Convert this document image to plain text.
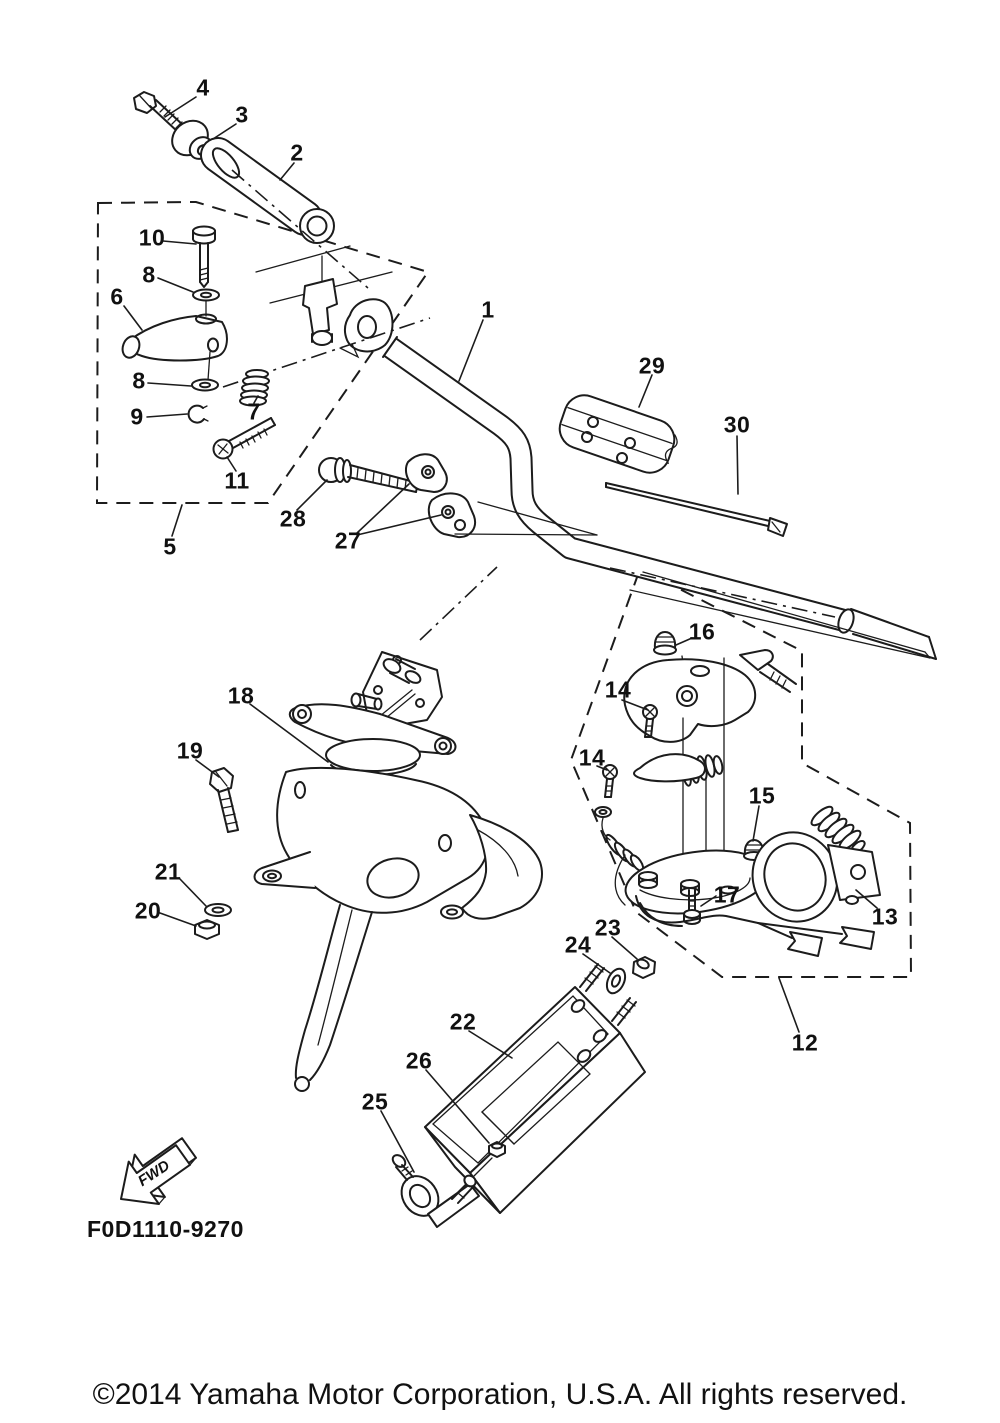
1
2
3
4
5
6
7
8
8
9
10
11
12
13
14
14
15
16
17
18
19
20
21
22
23
24
25
26
27
28
29
30
FWD
F0D1110-9270
©2014 Yamaha Motor Corporation, U.S.A. All rights reserved.
